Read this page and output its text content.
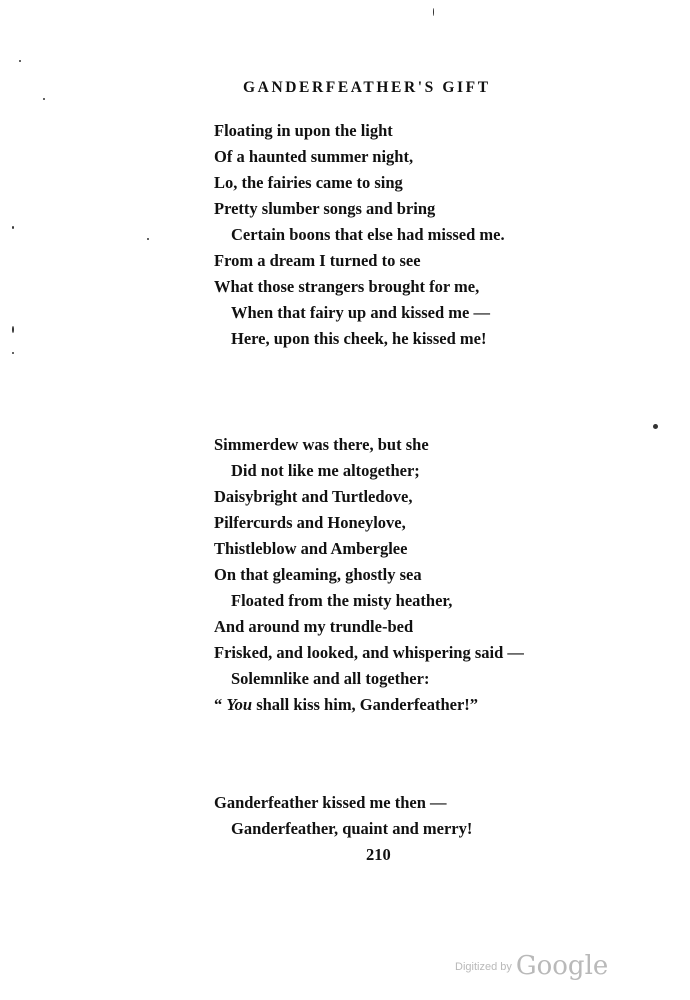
GANDERFEATHER'S GIFT
Floating in upon the light
Of a haunted summer night,
Lo, the fairies came to sing
Pretty slumber songs and bring
Certain boons that else had missed me.
From a dream I turned to see
What those strangers brought for me,
When that fairy up and kissed me —
Here, upon this cheek, he kissed me!
Simmerdew was there, but she
Did not like me altogether;
Daisybright and Turtledove,
Pilfercurds and Honeylove,
Thistleblow and Amberglee
On that gleaming, ghostly sea
Floated from the misty heather,
And around my trundle-bed
Frisked, and looked, and whispering said —
Solemnlike and all together:
“ You shall kiss him, Ganderfeather!”
Ganderfeather kissed me then —
Ganderfeather, quaint and merry!
210
$^{Digitized by}$ Google
